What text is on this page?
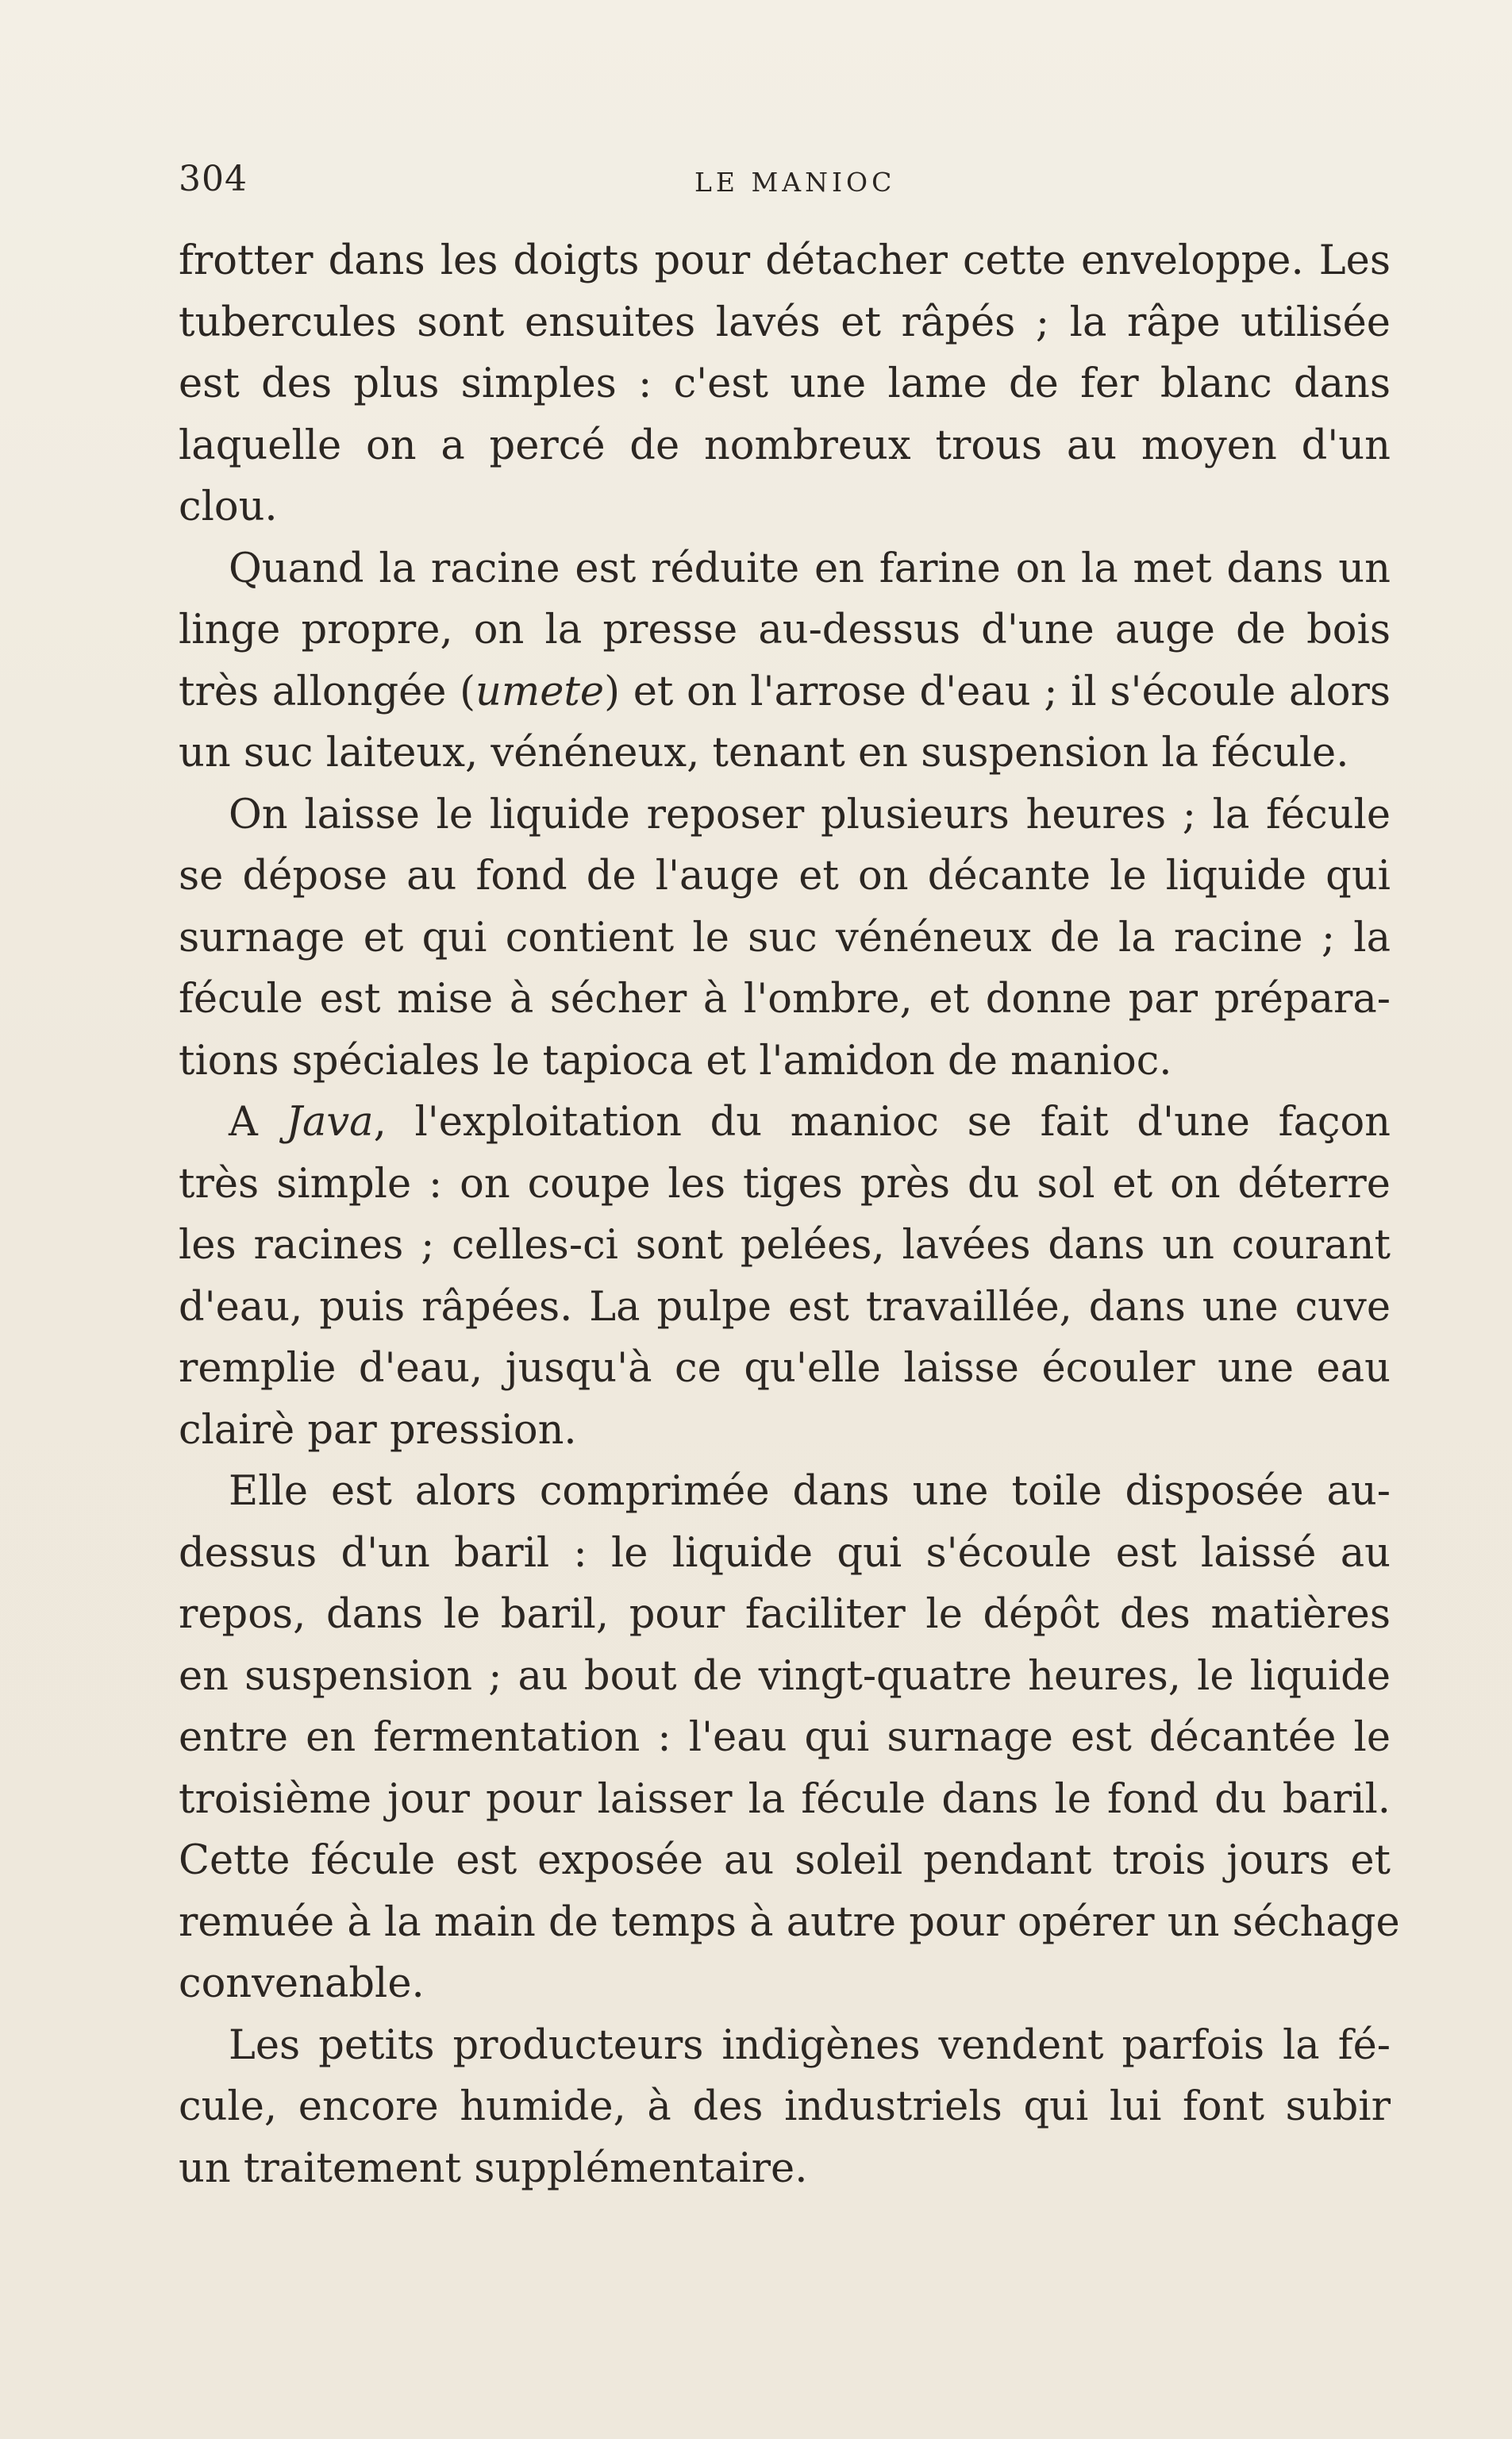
304	LE MANIOC
frotter dans les doigts pour détacher cette enveloppe. Les
tubercules sont ensuites lavés et râpés ; la râpe utilisée
est des plus simples : c'est une lame de fer blanc dans
laquelle on a percé de nombreux trous au moyen d'un
clou.
Quand la racine est réduite en farine on la met dans un
linge propre, on la presse au-dessus d'une auge de bois
très allongée (umete) et on l'arrose d'eau ; il s'écoule alors
un suc laiteux, vénéneux, tenant en suspension la fécule.
On laisse le liquide reposer plusieurs heures ; la fécule
se dépose au fond de l'auge et on décante le liquide qui
surnage et qui contient le suc vénéneux de la racine ; la
fécule est mise à sécher à l'ombre, et donne par prépara-
tions spéciales le tapioca et l'amidon de manioc.
A Java, l'exploitation du manioc se fait d'une façon
très simple : on coupe les tiges près du sol et on déterre
les racines ; celles-ci sont pelées, lavées dans un courant
d'eau, puis râpées. La pulpe est travaillée, dans une cuve
remplie d'eau, jusqu'à ce qu'elle laisse écouler une eau
clairè par pression.
Elle est alors comprimée dans une toile disposée au-
dessus d'un baril : le liquide qui s'écoule est laissé au
repos, dans le baril, pour faciliter le dépôt des matières
en suspension ; au bout de vingt-quatre heures, le liquide
entre en fermentation : l'eau qui surnage est décantée le
troisième jour pour laisser la fécule dans le fond du baril.
Cette fécule est exposée au soleil pendant trois jours et
remuée à la main de temps à autre pour opérer un séchage
convenable.
Les petits producteurs indigènes vendent parfois la fé-
cule, encore humide, à des industriels qui lui font subir
un traitement supplémentaire.
